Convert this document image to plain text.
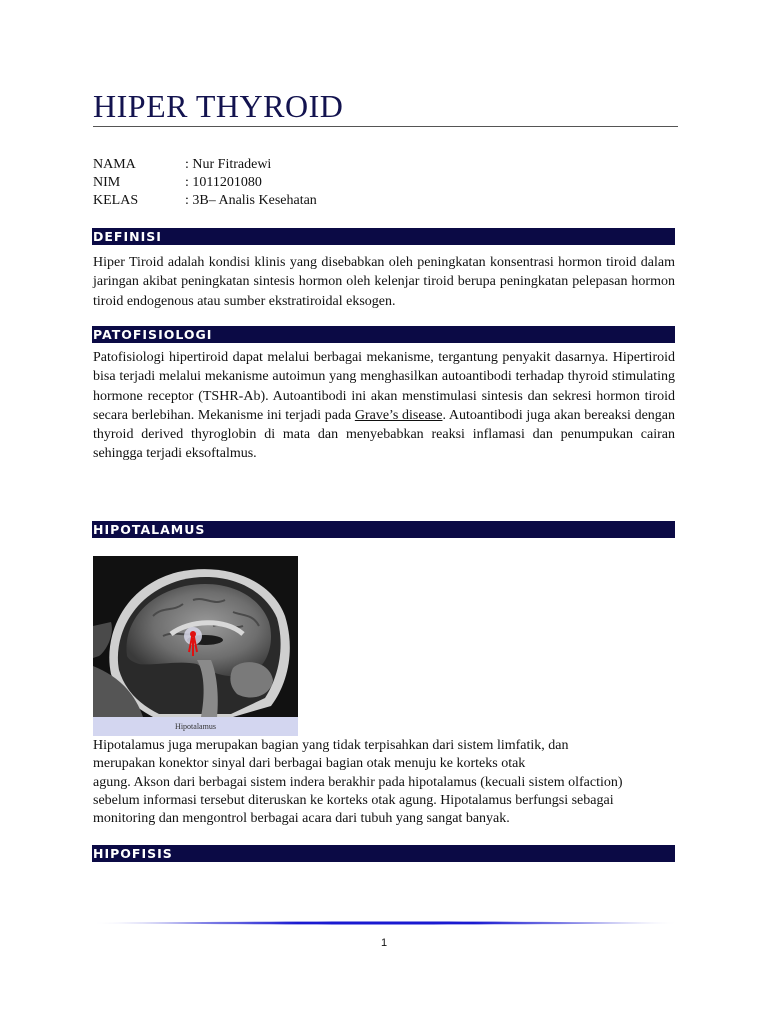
HIPER THYROID
NAMA	: Nur Fitradewi
NIM	: 1011201080
KELAS	: 3B– Analis Kesehatan
DEFINISI
Hiper Tiroid adalah kondisi klinis yang disebabkan oleh peningkatan konsentrasi hormon tiroid dalam jaringan akibat peningkatan sintesis hormon oleh kelenjar tiroid berupa peningkatan pelepasan hormon tiroid endogenous atau sumber ekstratiroidal eksogen.
PATOFISIOLOGI
Patofisiologi hipertiroid dapat melalui berbagai mekanisme, tergantung penyakit dasarnya. Hipertiroid bisa terjadi melalui mekanisme autoimun yang menghasilkan autoantibodi terhadap thyroid stimulating hormone receptor (TSHR-Ab). Autoantibodi ini akan menstimulasi sintesis dan sekresi hormon tiroid secara berlebihan. Mekanisme ini terjadi pada Grave’s disease. Autoantibodi juga akan bereaksi dengan thyroid derived thyroglobin di mata dan menyebabkan reaksi inflamasi dan penumpukan cairan sehingga terjadi eksoftalmus.
HIPOTALAMUS
Hipotalamus
Hipotalamus juga merupakan bagian yang tidak terpisahkan dari sistem limfatik, dan
merupakan konektor sinyal dari berbagai bagian otak menuju ke korteks otak
agung. Akson dari berbagai sistem indera berakhir pada hipotalamus (kecuali sistem olfaction)
sebelum informasi tersebut diteruskan ke korteks otak agung. Hipotalamus berfungsi sebagai
monitoring dan mengontrol berbagai acara dari tubuh yang sangat banyak.
HIPOFISIS
1
